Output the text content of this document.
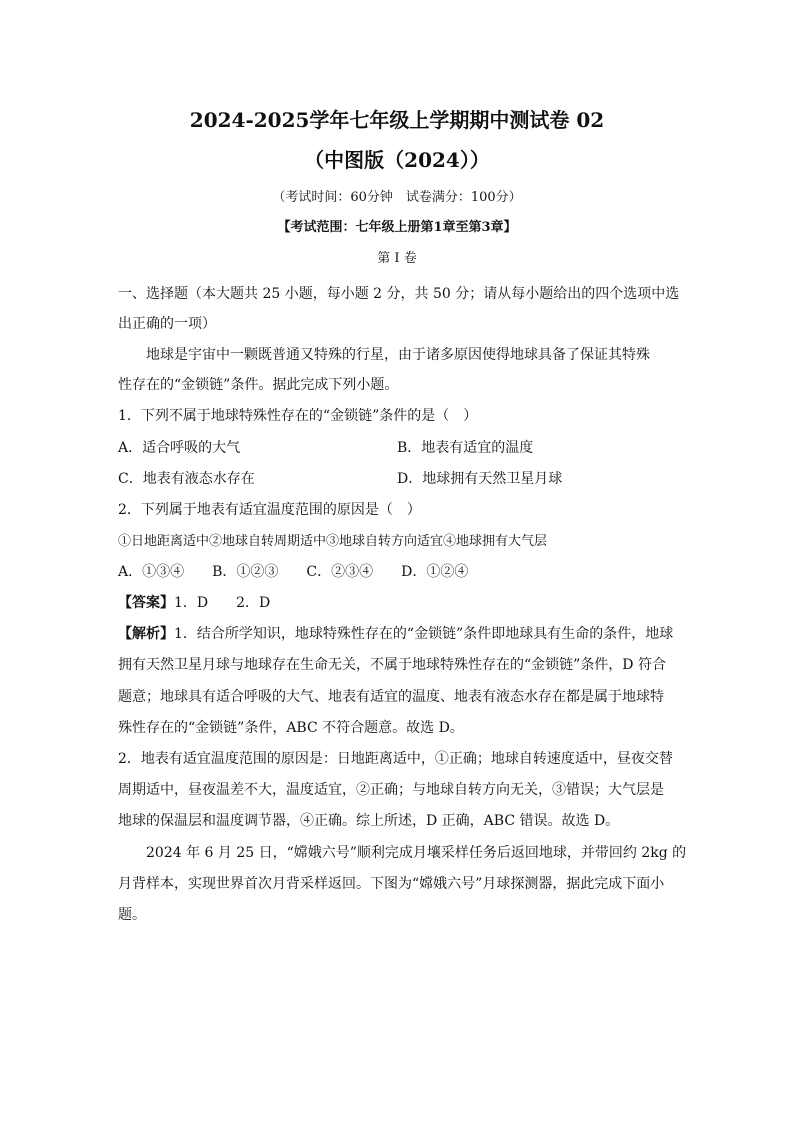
2024-2025学年七年级上学期期中测试卷 02
（中图版（2024））
（考试时间：60分钟　试卷满分：100分）
【考试范围：七年级上册第1章至第3章】
第 I 卷
一、选择题（本大题共 25 小题，每小题 2 分，共 50 分；请从每小题给出的四个选项中选
出正确的一项）
地球是宇宙中一颗既普通又特殊的行星，由于诸多原因使得地球具备了保证其特殊
性存在的“金锁链”条件。据此完成下列小题。
1．下列不属于地球特殊性存在的“金锁链”条件的是（　）
A．适合呼吸的大气	B．地表有适宜的温度
C．地表有液态水存在	D．地球拥有天然卫星月球
2．下列属于地表有适宜温度范围的原因是（　）
①日地距离适中②地球自转周期适中③地球自转方向适宜④地球拥有大气层
A．①③④　　B．①②③　　C．②③④　　D．①②④
【答案】1．D　　2．D
【解析】1．结合所学知识，地球特殊性存在的“金锁链”条件即地球具有生命的条件，地球
拥有天然卫星月球与地球存在生命无关，不属于地球特殊性存在的“金锁链”条件，D 符合
题意；地球具有适合呼吸的大气、地表有适宜的温度、地表有液态水存在都是属于地球特
殊性存在的“金锁链”条件，ABC 不符合题意。故选 D。
2．地表有适宜温度范围的原因是：日地距离适中，①正确；地球自转速度适中，昼夜交替
周期适中，昼夜温差不大，温度适宜，②正确；与地球自转方向无关，③错误；大气层是
地球的保温层和温度调节器，④正确。综上所述，D 正确，ABC 错误。故选 D。
2024 年 6 月 25 日，“嫦娥六号”顺利完成月壤采样任务后返回地球，并带回约 2kg 的
月背样本，实现世界首次月背采样返回。下图为“嫦娥六号”月球探测器，据此完成下面小
题。
